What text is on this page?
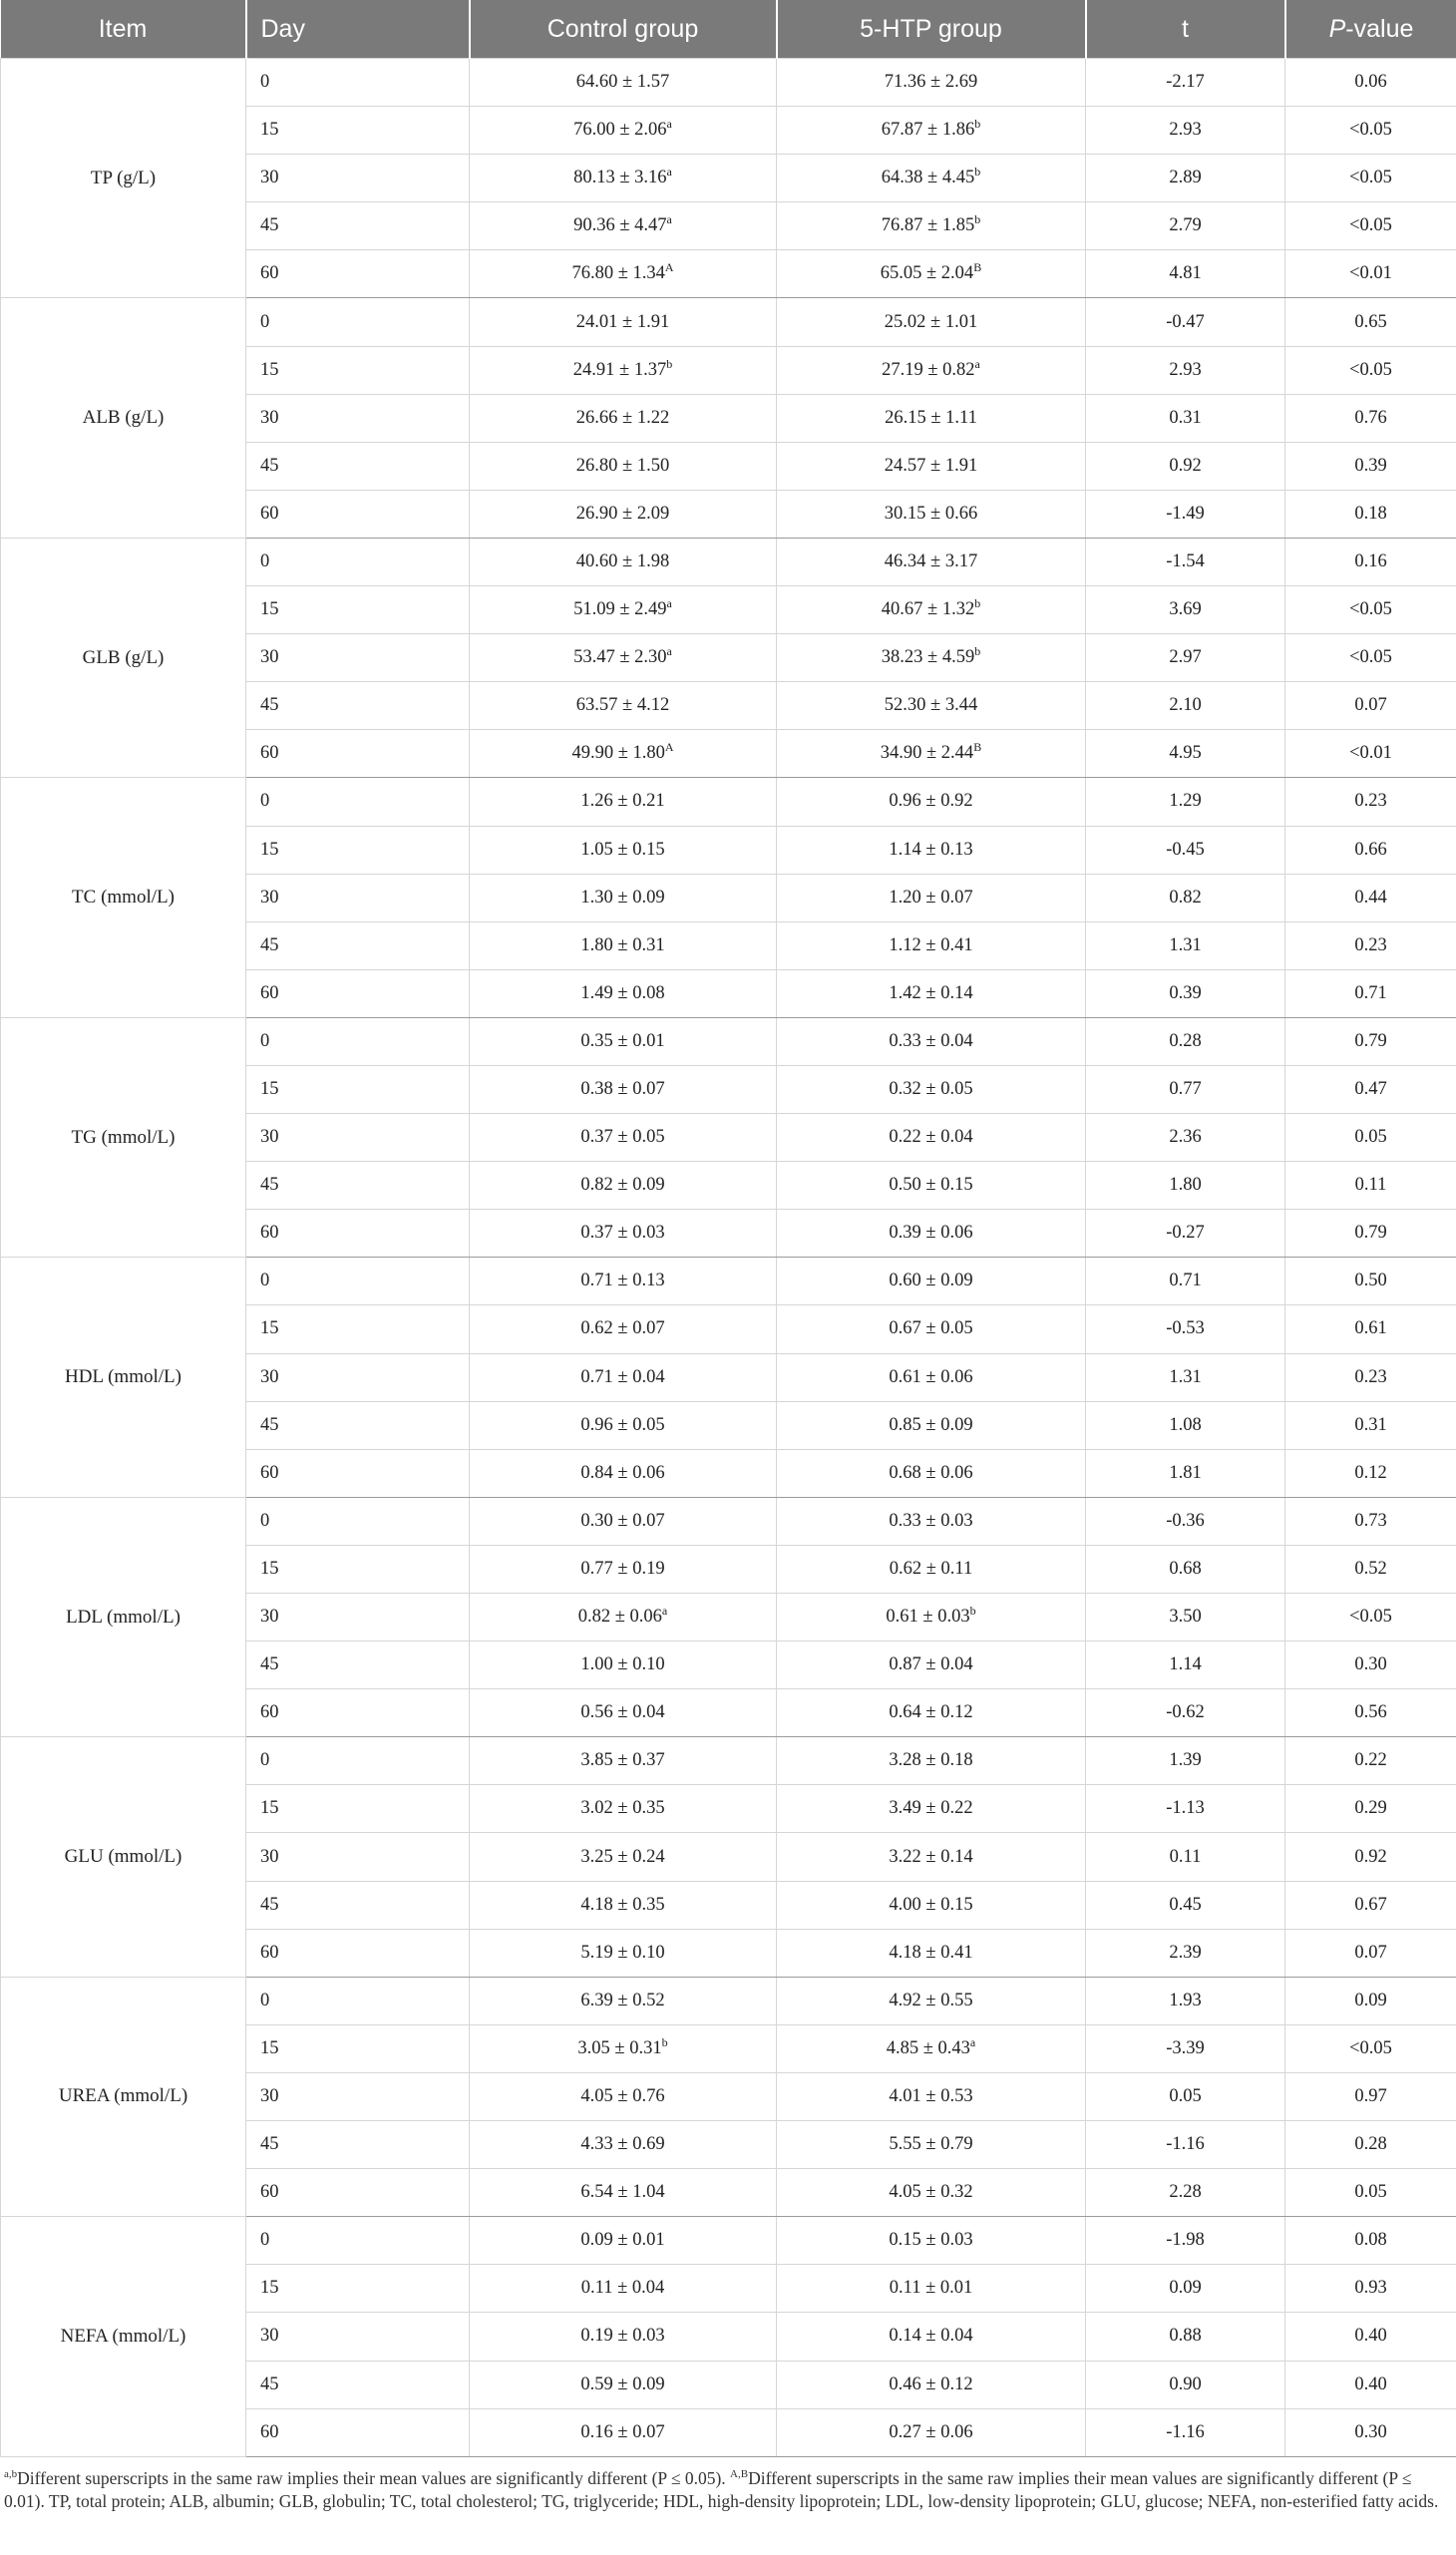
Item	Day	Control group	5-HTP group	t	P-value
TP (g/L)	0	64.60 ± 1.57	71.36 ± 2.69	-2.17	0.06
	15	76.00 ± 2.06$^a$	67.87 ± 1.86$^b$	2.93	<0.05
	30	80.13 ± 3.16$^a$	64.38 ± 4.45$^b$	2.89	<0.05
	45	90.36 ± 4.47$^a$	76.87 ± 1.85$^b$	2.79	<0.05
	60	$76.80 \pm 1.34^A$	$65.05 \pm 2.04^B$	4.81	<0.01
ALB (g/L)	0	24.01 ± 1.91	25.02 ± 1.01	-0.47	0.65
	15	24.91 ± 1.37$^b$	27.19 ± 0.82$^a$	2.93	<0.05
	30	26.66 ± 1.22	26.15 ± 1.11	0.31	0.76
	45	26.80 ± 1.50	24.57 ± 1.91	0.92	0.39
	60	26.90 ± 2.09	30.15 ± 0.66	-1.49	0.18
GLB (g/L)	0	40.60 ± 1.98	46.34 ± 3.17	-1.54	0.16
	15	51.09 ± 2.49$^a$	40.67 ± 1.32$^b$	3.69	<0.05
	30	53.47 ± 2.30$^a$	38.23 ± 4.59$^b$	2.97	<0.05
	45	63.57 ± 4.12	52.30 ± 3.44	2.10	0.07
	60	$49.90 \pm 1.80^A$	$34.90 \pm 2.44^B$	4.95	<0.01
TC (mmol/L)	0	1.26 ± 0.21	0.96 ± 0.92	1.29	0.23
	15	1.05 ± 0.15	1.14 ± 0.13	-0.45	0.66
	30	1.30 ± 0.09	1.20 ± 0.07	0.82	0.44
	45	1.80 ± 0.31	1.12 ± 0.41	1.31	0.23
	60	1.49 ± 0.08	1.42 ± 0.14	0.39	0.71
TG (mmol/L)	0	0.35 ± 0.01	0.33 ± 0.04	0.28	0.79
	15	0.38 ± 0.07	0.32 ± 0.05	0.77	0.47
	30	0.37 ± 0.05	0.22 ± 0.04	2.36	0.05
	45	0.82 ± 0.09	0.50 ± 0.15	1.80	0.11
	60	0.37 ± 0.03	0.39 ± 0.06	-0.27	0.79
HDL (mmol/L)	0	0.71 ± 0.13	0.60 ± 0.09	0.71	0.50
	15	0.62 ± 0.07	0.67 ± 0.05	-0.53	0.61
	30	0.71 ± 0.04	0.61 ± 0.06	1.31	0.23
	45	0.96 ± 0.05	0.85 ± 0.09	1.08	0.31
	60	0.84 ± 0.06	0.68 ± 0.06	1.81	0.12
LDL (mmol/L)	0	0.30 ± 0.07	0.33 ± 0.03	-0.36	0.73
	15	0.77 ± 0.19	0.62 ± 0.11	0.68	0.52
	30	0.82 ± 0.06$^a$	0.61 ± 0.03$^b$	3.50	<0.05
	45	1.00 ± 0.10	0.87 ± 0.04	1.14	0.30
	60	0.56 ± 0.04	0.64 ± 0.12	-0.62	0.56
GLU (mmol/L)	0	3.85 ± 0.37	3.28 ± 0.18	1.39	0.22
	15	3.02 ± 0.35	3.49 ± 0.22	-1.13	0.29
	30	3.25 ± 0.24	3.22 ± 0.14	0.11	0.92
	45	4.18 ± 0.35	4.00 ± 0.15	0.45	0.67
	60	5.19 ± 0.10	4.18 ± 0.41	2.39	0.07
UREA (mmol/L)	0	6.39 ± 0.52	4.92 ± 0.55	1.93	0.09
	15	3.05 ± 0.31$^b$	4.85 ± 0.43$^a$	-3.39	<0.05
	30	4.05 ± 0.76	4.01 ± 0.53	0.05	0.97
	45	4.33 ± 0.69	5.55 ± 0.79	-1.16	0.28
	60	6.54 ± 1.04	4.05 ± 0.32	2.28	0.05
NEFA (mmol/L)	0	0.09 ± 0.01	0.15 ± 0.03	-1.98	0.08
	15	0.11 ± 0.04	0.11 ± 0.01	0.09	0.93
	30	0.19 ± 0.03	0.14 ± 0.04	0.88	0.40
	45	0.59 ± 0.09	0.46 ± 0.12	0.90	0.40
	60	0.16 ± 0.07	0.27 ± 0.06	-1.16	0.30
$^{a,b}$Different superscripts in the same raw implies their mean values are significantly different (P ≤ 0.05). $^{A,B}$Different superscripts in the same raw implies their mean values are significantly different (P ≤ 0.01). TP, total protein; ALB, albumin; GLB, globulin; TC, total cholesterol; TG, triglyceride; HDL, high-density lipoprotein; LDL, low-density lipoprotein; GLU, glucose; NEFA, non-esterified fatty acids.
